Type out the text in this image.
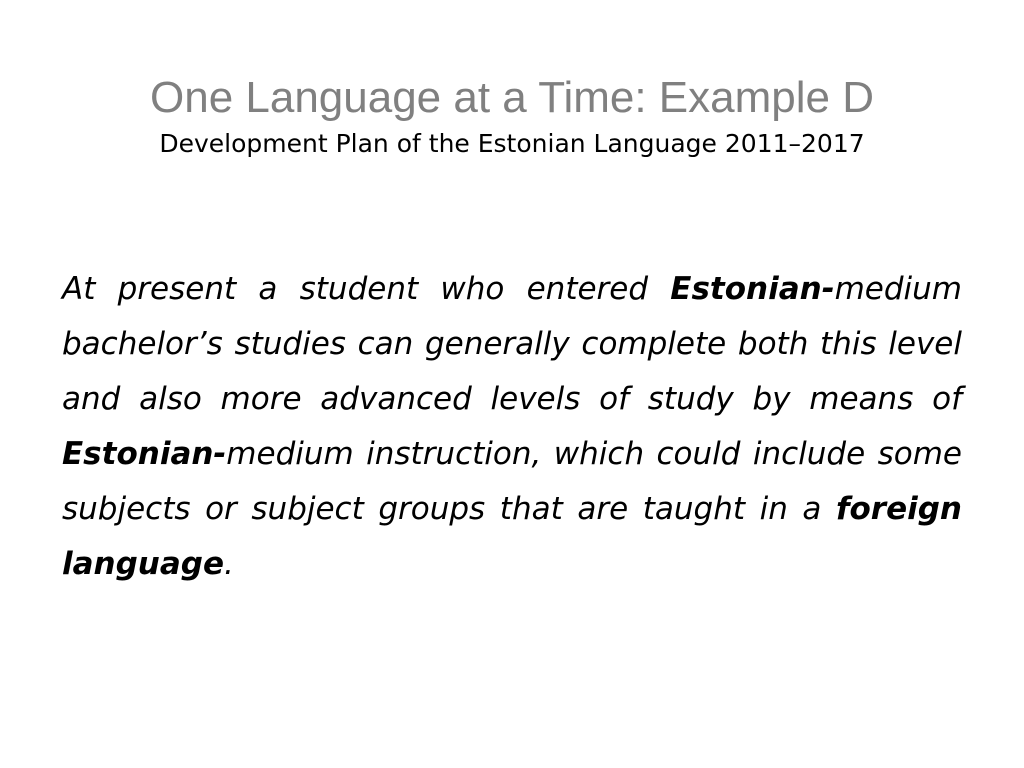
One Language at a Time: Example D
Development Plan of the Estonian Language 2011–2017

At present a student who entered Estonian-medium bachelor’s studies can generally complete both this level and also more advanced levels of study by means of Estonian-medium instruction, which could include some subjects or subject groups that are taught in a foreign language.
